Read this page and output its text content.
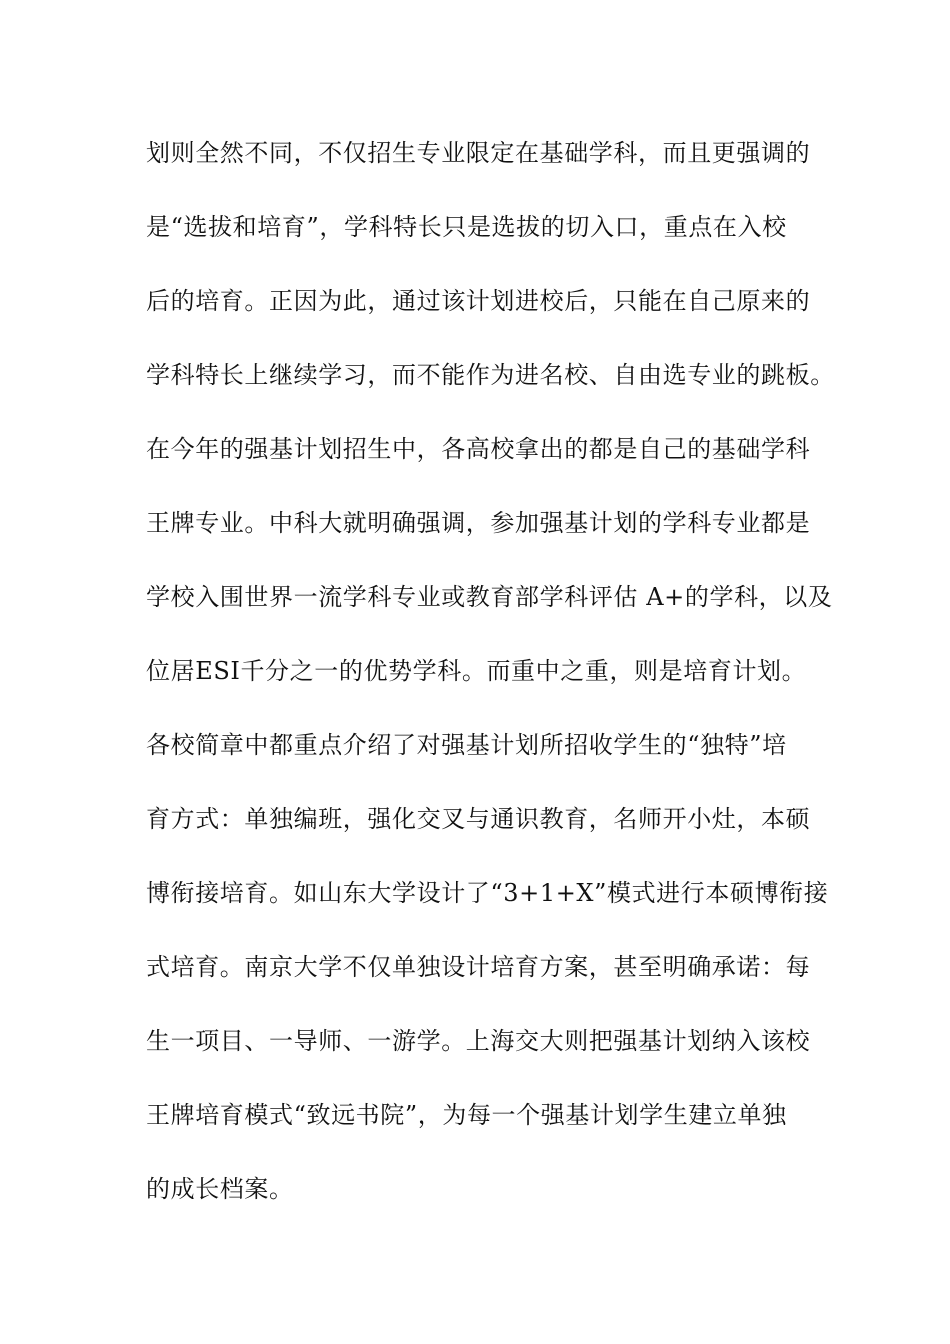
划则全然不同，不仅招生专业限定在基础学科，而且更强调的
是“选拔和培育”，学科特长只是选拔的切入口，重点在入校
后的培育。正因为此，通过该计划进校后，只能在自己原来的
学科特长上继续学习，而不能作为进名校、自由选专业的跳板。
在今年的强基计划招生中，各高校拿出的都是自己的基础学科
王牌专业。中科大就明确强调，参加强基计划的学科专业都是
学校入围世界一流学科专业或教育部学科评估 A+的学科，以及
位居ESI千分之一的优势学科。而重中之重，则是培育计划。
各校简章中都重点介绍了对强基计划所招收学生的“独特”培
育方式：单独编班，强化交叉与通识教育，名师开小灶，本硕
博衔接培育。如山东大学设计了“3+1+X”模式进行本硕博衔接
式培育。南京大学不仅单独设计培育方案，甚至明确承诺：每
生一项目、一导师、一游学。上海交大则把强基计划纳入该校
王牌培育模式“致远书院”，为每一个强基计划学生建立单独
的成长档案。
